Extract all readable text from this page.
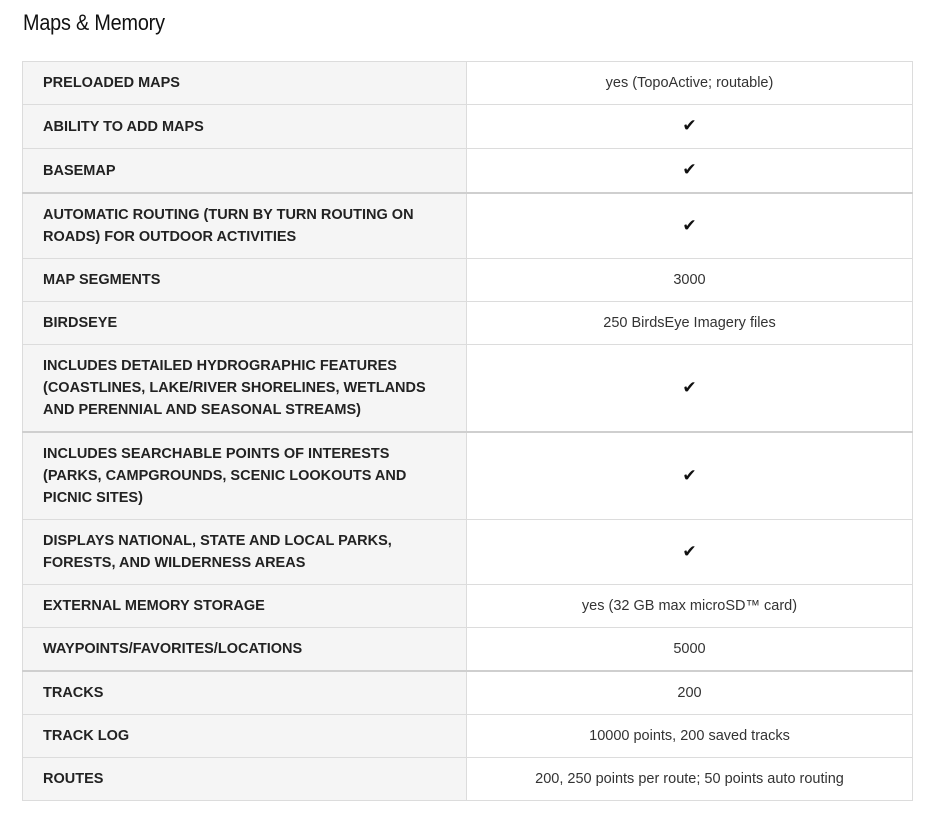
Maps & Memory
PRELOADED MAPS	yes (TopoActive; routable)
ABILITY TO ADD MAPS	✔
BASEMAP	✔
AUTOMATIC ROUTING (TURN BY TURN ROUTING ON ROADS) FOR OUTDOOR ACTIVITIES	✔
MAP SEGMENTS	3000
BIRDSEYE	250 BirdsEye Imagery files
INCLUDES DETAILED HYDROGRAPHIC FEATURES (COASTLINES, LAKE/RIVER SHORELINES, WETLANDS AND PERENNIAL AND SEASONAL STREAMS)	✔
INCLUDES SEARCHABLE POINTS OF INTERESTS (PARKS, CAMPGROUNDS, SCENIC LOOKOUTS AND PICNIC SITES)	✔
DISPLAYS NATIONAL, STATE AND LOCAL PARKS, FORESTS, AND WILDERNESS AREAS	✔
EXTERNAL MEMORY STORAGE	yes (32 GB max microSD™ card)
WAYPOINTS/FAVORITES/LOCATIONS	5000
TRACKS	200
TRACK LOG	10000 points, 200 saved tracks
ROUTES	200, 250 points per route; 50 points auto routing
